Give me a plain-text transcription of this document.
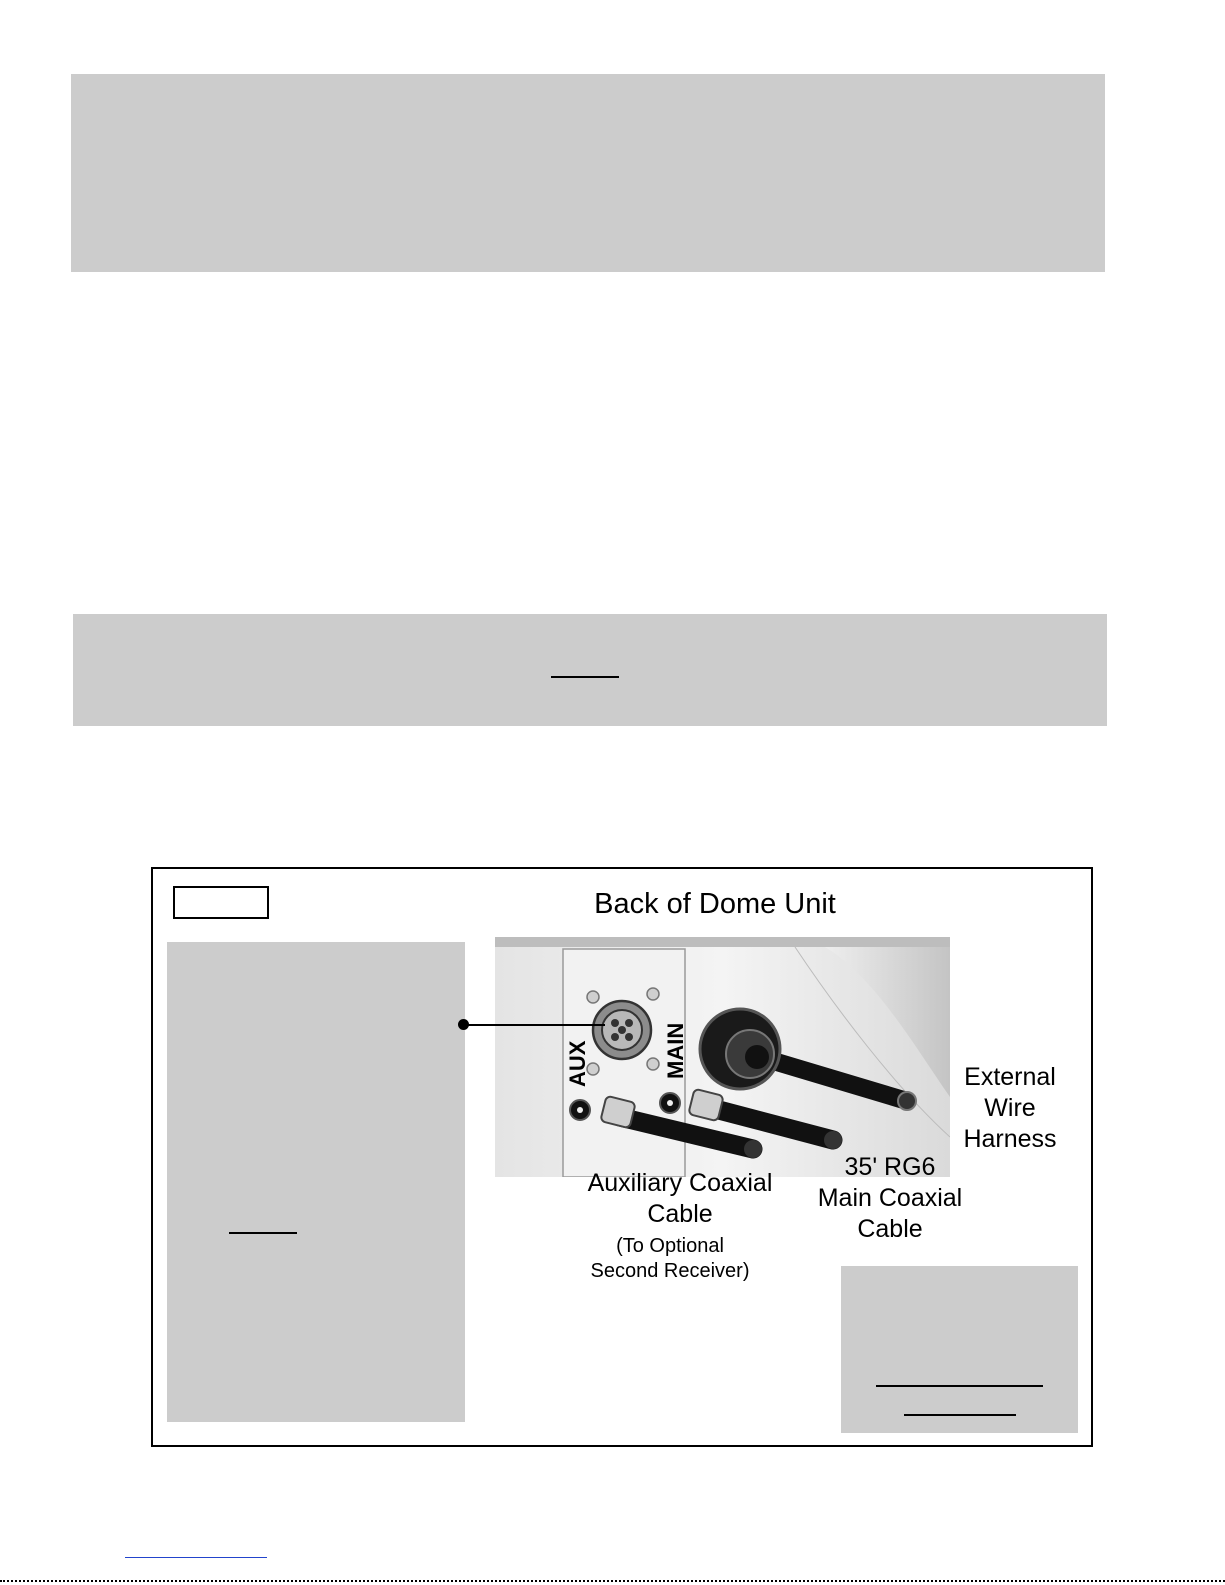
Back of Dome Unit
AUX	MAIN
Auxiliary Coaxial
Cable
(To Optional
Second Receiver)
35' RG6
Main Coaxial
Cable
External
Wire
Harness
